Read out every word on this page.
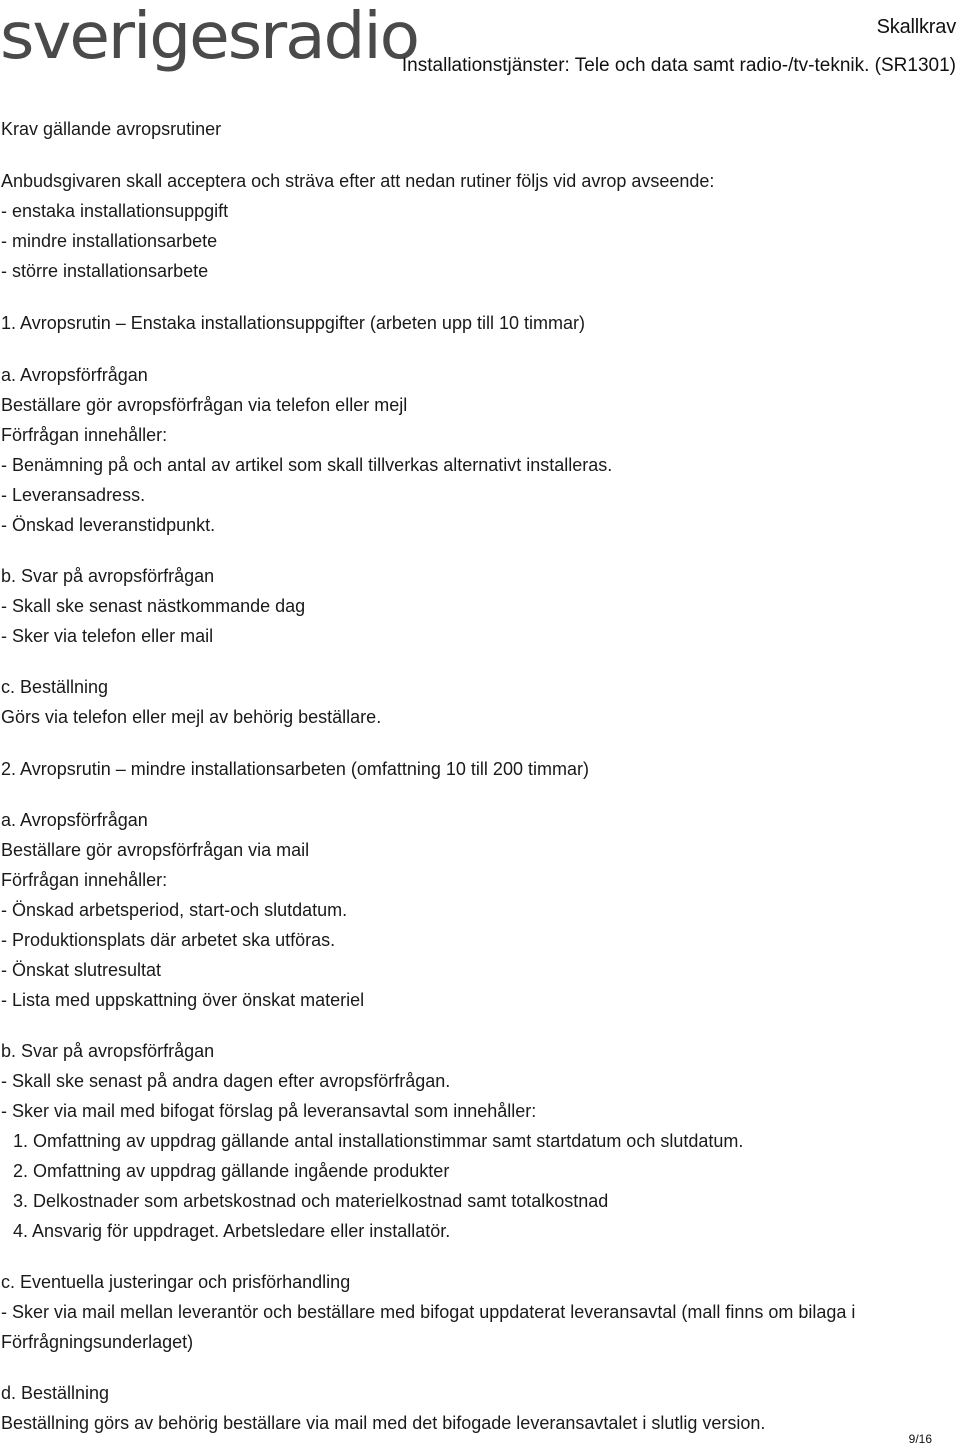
sverigesradio	Skallkrav
Installationstjänster: Tele och data samt radio-/tv-teknik. (SR1301)
Krav gällande avropsrutiner
Anbudsgivaren skall acceptera och sträva efter att nedan rutiner följs vid avrop avseende:
- enstaka installationsuppgift
- mindre installationsarbete
- större installationsarbete
1. Avropsrutin – Enstaka installationsuppgifter (arbeten upp till 10 timmar)
a. Avropsförfrågan
Beställare gör avropsförfrågan via telefon eller mejl
Förfrågan innehåller:
- Benämning på och antal av artikel som skall tillverkas alternativt installeras.
- Leveransadress.
- Önskad leveranstidpunkt.
b. Svar på avropsförfrågan
- Skall ske senast nästkommande dag
- Sker via telefon eller mail
c. Beställning
Görs via telefon eller mejl av behörig beställare.
2. Avropsrutin – mindre installationsarbeten (omfattning 10 till 200 timmar)
a. Avropsförfrågan
Beställare gör avropsförfrågan via mail
Förfrågan innehåller:
- Önskad arbetsperiod, start-och slutdatum.
- Produktionsplats där arbetet ska utföras.
- Önskat slutresultat
- Lista med uppskattning över önskat materiel
b. Svar på avropsförfrågan
- Skall ske senast på andra dagen efter avropsförfrågan.
- Sker via mail med bifogat förslag på leveransavtal som innehåller:
1. Omfattning av uppdrag gällande antal installationstimmar samt startdatum och slutdatum.
2. Omfattning av uppdrag gällande ingående produkter
3. Delkostnader som arbetskostnad och materielkostnad samt totalkostnad
4. Ansvarig för uppdraget. Arbetsledare eller installatör.
c. Eventuella justeringar och prisförhandling
- Sker via mail mellan leverantör och beställare med bifogat uppdaterat leveransavtal (mall finns om bilaga i
Förfrågningsunderlaget)
d. Beställning
Beställning görs av behörig beställare via mail med det bifogade leveransavtalet i slutlig version.
9/16
